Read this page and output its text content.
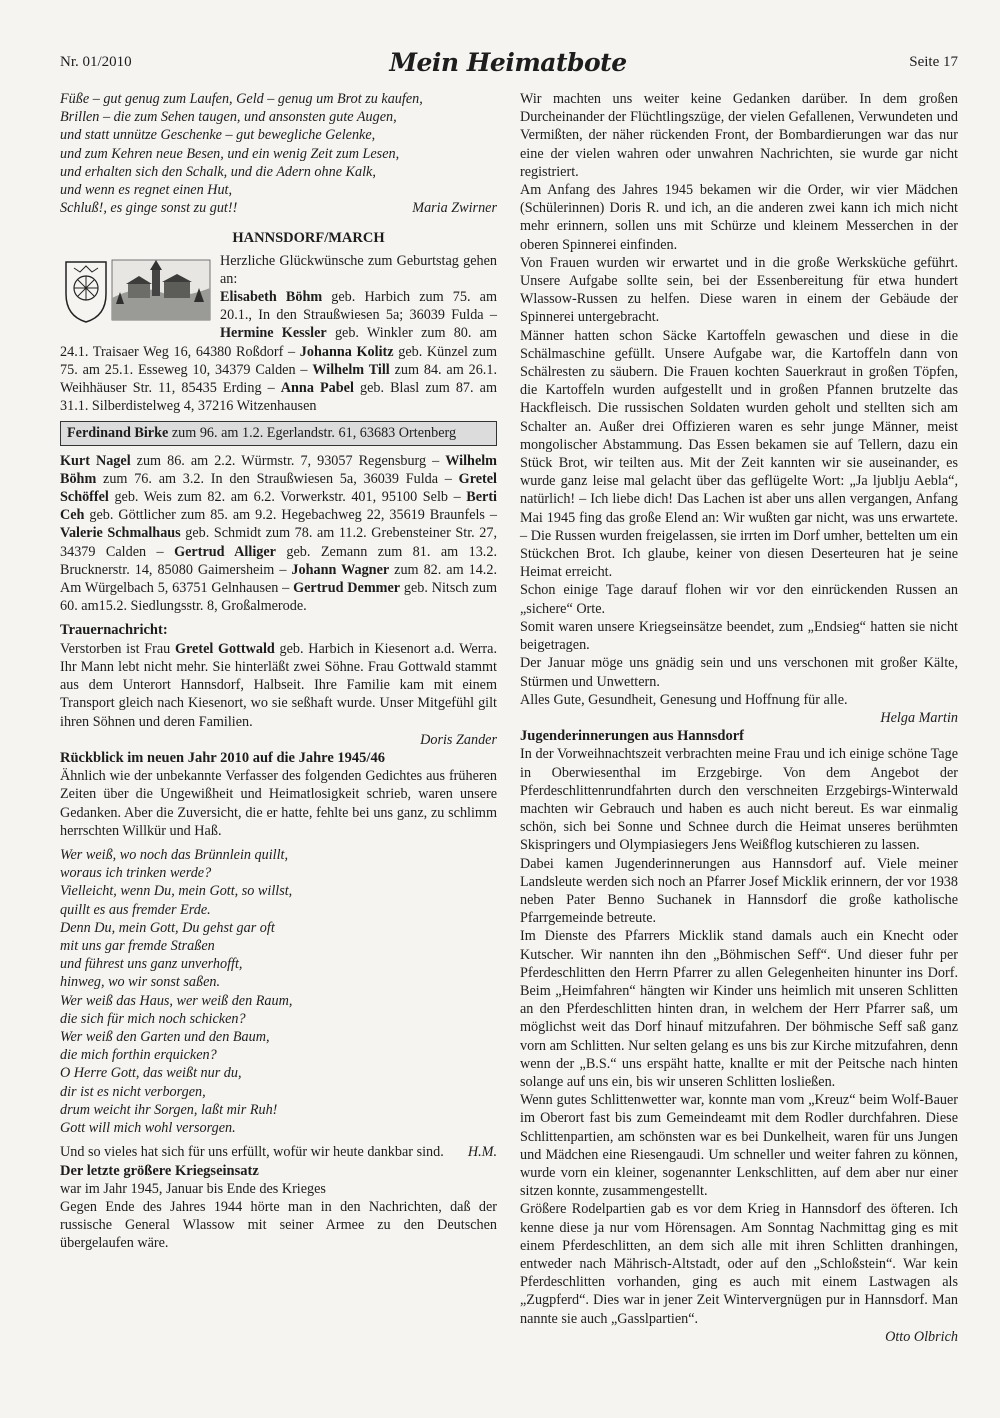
Nr. 01/2010	Mein Heimatbote	Seite 17
Füße – gut genug zum Laufen, Geld – genug um Brot zu kaufen,
Brillen – die zum Sehen taugen, und ansonsten gute Augen,
und statt unnütze Geschenke – gut bewegliche Gelenke,
und zum Kehren neue Besen, und ein wenig Zeit zum Lesen,
und erhalten sich den Schalk, und die Adern ohne Kalk,
und wenn es regnet einen Hut,
Schluß!, es ginge sonst zu gut!!	Maria Zwirner
HANNSDORF/MARCH
Herzliche Glückwünsche zum Geburtstag gehen an:
Elisabeth Böhm geb. Harbich zum 75. am 20.1., In den Straußwiesen 5a; 36039 Fulda – Hermine Kessler geb. Winkler zum 80. am 24.1. Traisaer Weg 16, 64380 Roßdorf – Johanna Kolitz geb. Künzel zum 75. am 25.1. Esseweg 10, 34379 Calden – Wilhelm Till zum 84. am 26.1. Weihhäuser Str. 11, 85435 Erding – Anna Pabel geb. Blasl zum 87. am 31.1. Silberdistelweg 4, 37216 Witzenhausen
Ferdinand Birke zum 96. am 1.2. Egerlandstr. 61, 63683 Ortenberg
Kurt Nagel zum 86. am 2.2. Würmstr. 7, 93057 Regensburg – Wilhelm Böhm zum 76. am 3.2. In den Straußwiesen 5a, 36039 Fulda – Gretel Schöffel geb. Weis zum 82. am 6.2. Vorwerkstr. 401, 95100 Selb – Berti Ceh geb. Göttlicher zum 85. am 9.2. Hegebachweg 22, 35619 Braunfels – Valerie Schmalhaus geb. Schmidt zum 78. am 11.2. Grebensteiner Str. 27, 34379 Calden – Gertrud Alliger geb. Zemann zum 81. am 13.2. Brucknerstr. 14, 85080 Gaimersheim – Johann Wagner zum 82. am 14.2. Am Würgelbach 5, 63751 Gelnhausen – Gertrud Demmer geb. Nitsch zum 60. am15.2. Siedlungsstr. 8, Großalmerode.
Trauernachricht:

Verstorben ist Frau Gretel Gottwald geb. Harbich in Kiesenort a.d. Werra. Ihr Mann lebt nicht mehr. Sie hinterläßt zwei Söhne. Frau Gottwald stammt aus dem Unterort Hannsdorf, Halbseit. Ihre Familie kam mit einem Transport gleich nach Kiesenort, wo sie seßhaft wurde. Unser Mitgefühl gilt ihren Söhnen und deren Familien.

Doris Zander

Rückblick im neuen Jahr 2010 auf die Jahre 1945/46

Ähnlich wie der unbekannte Verfasser des folgenden Gedichtes aus früheren Zeiten über die Ungewißheit und Heimatlosigkeit schrieb, waren unsere Gedanken. Aber die Zuversicht, die er hatte, fehlte bei uns ganz, zu schlimm herrschten Willkür und Haß.

Wer weiß, wo noch das Brünnlein quillt,
woraus ich trinken werde?
Vielleicht, wenn Du, mein Gott, so willst,
quillt es aus fremder Erde.
Denn Du, mein Gott, Du gehst gar oft
mit uns gar fremde Straßen
und führest uns ganz unverhofft,
hinweg, wo wir sonst saßen.
Wer weiß das Haus, wer weiß den Raum,
die sich für mich noch schicken?
Wer weiß den Garten und den Baum,
die mich forthin erquicken?
O Herre Gott, das weißt nur du,
dir ist es nicht verborgen,
drum weicht ihr Sorgen, laßt mir Ruh!
Gott will mich wohl versorgen.

Und so vieles hat sich für uns erfüllt, wofür wir heute dankbar sind.	H.M.

Der letzte größere Kriegseinsatz

war im Jahr 1945, Januar bis Ende des Krieges

Gegen Ende des Jahres 1944 hörte man in den Nachrichten, daß der russische General Wlassow mit seiner Armee zu den Deutschen übergelaufen wäre.

Wir machten uns weiter keine Gedanken darüber. In dem großen Durcheinander der Flüchtlingszüge, der vielen Gefallenen, Verwundeten und Vermißten, der näher rückenden Front, der Bombardierungen war das nur eine der vielen wahren oder unwahren Nachrichten, sie wurde gar nicht registriert.

Am Anfang des Jahres 1945 bekamen wir die Order, wir vier Mädchen (Schülerinnen) Doris R. und ich, an die anderen zwei kann ich mich nicht mehr erinnern, sollen uns mit Schürze und kleinem Messerchen in der oberen Spinnerei einfinden.

Von Frauen wurden wir erwartet und in die große Werksküche geführt. Unsere Aufgabe sollte sein, bei der Essenbereitung für etwa hundert Wlassow-Russen zu helfen. Diese waren in einem der Gebäude der Spinnerei untergebracht.

Männer hatten schon Säcke Kartoffeln gewaschen und diese in die Schälmaschine gefüllt. Unsere Aufgabe war, die Kartoffeln dann von Schälresten zu säubern. Die Frauen kochten Sauerkraut in großen Töpfen, die Kartoffeln wurden aufgestellt und in großen Pfannen brutzelte das Hackfleisch. Die russischen Soldaten wurden geholt und stellten sich am Schalter an. Außer drei Offizieren waren es sehr junge Männer, meist mongolischer Abstammung. Das Essen bekamen sie auf Tellern, dazu ein Stück Brot, wir teilten aus. Mit der Zeit kannten wir sie auseinander, es wurde ganz leise mal gelacht über das geflügelte Wort: „Ja ljublju Aebla“, natürlich! – Ich liebe dich! Das Lachen ist aber uns allen vergangen, Anfang Mai 1945 fing das große Elend an: Wir wußten gar nicht, was uns erwartete. – Die Russen wurden freigelassen, sie irrten im Dorf umher, bettelten um ein Stückchen Brot. Ich glaube, keiner von diesen Deserteuren hat je seine Heimat erreicht.

Schon einige Tage darauf flohen wir vor den einrückenden Russen an „sichere“ Orte.

Somit waren unsere Kriegseinsätze beendet, zum „Endsieg“ hatten sie nicht beigetragen.

Der Januar möge uns gnädig sein und uns verschonen mit großer Kälte, Stürmen und Unwettern.

Alles Gute, Gesundheit, Genesung und Hoffnung für alle.

Helga Martin

Jugenderinnerungen aus Hannsdorf

In der Vorweihnachtszeit verbrachten meine Frau und ich einige schöne Tage in Oberwiesenthal im Erzgebirge. Von dem Angebot der Pferdeschlittenrundfahrten durch den verschneiten Erzgebirgs-Winterwald machten wir Gebrauch und haben es auch nicht bereut. Es war einmalig schön, sich bei Sonne und Schnee durch die Heimat unseres berühmten Skispringers und Olympiasiegers Jens Weißflog kutschieren zu lassen.

Dabei kamen Jugenderinnerungen aus Hannsdorf auf. Viele meiner Landsleute werden sich noch an Pfarrer Josef Micklik erinnern, der vor 1938 neben Pater Benno Suchanek in Hannsdorf die große katholische Pfarrgemeinde betreute.

Im Dienste des Pfarrers Micklik stand damals auch ein Knecht oder Kutscher. Wir nannten ihn den „Böhmischen Seff“. Und dieser fuhr per Pferdeschlitten den Herrn Pfarrer zu allen Gelegenheiten hinunter ins Dorf. Beim „Heimfahren“ hängten wir Kinder uns heimlich mit unseren Schlitten an den Pferdeschlitten hinten dran, in welchem der Herr Pfarrer saß, um möglichst weit das Dorf hinauf mitzufahren. Der böhmische Seff saß ganz vorn am Schlitten. Nur selten gelang es uns bis zur Kirche mitzufahren, denn wenn der „B.S.“ uns erspäht hatte, knallte er mit der Peitsche nach hinten solange auf uns ein, bis wir unseren Schlitten losließen.

Wenn gutes Schlittenwetter war, konnte man vom „Kreuz“ beim Wolf-Bauer im Oberort fast bis zum Gemeindeamt mit dem Rodler durchfahren. Diese Schlittenpartien, am schönsten war es bei Dunkelheit, waren für uns Jungen und Mädchen eine Riesengaudi. Um schneller und weiter fahren zu können, wurde vorn ein kleiner, sogenannter Lenkschlitten, auf dem aber nur einer sitzen konnte, zusammengestellt.

Größere Rodelpartien gab es vor dem Krieg in Hannsdorf des öfteren. Ich kenne diese ja nur vom Hörensagen. Am Sonntag Nachmittag ging es mit einem Pferdeschlitten, an dem sich alle mit ihren Schlitten dranhingen, entweder nach Mährisch-Altstadt, oder auf den „Schloßstein“. War kein Pferdeschlitten vorhanden, ging es auch mit einem Lastwagen als „Zugpferd“. Dies war in jener Zeit Wintervergnügen pur in Hannsdorf. Man nannte sie auch „Gasslpartien“.

Otto Olbrich
